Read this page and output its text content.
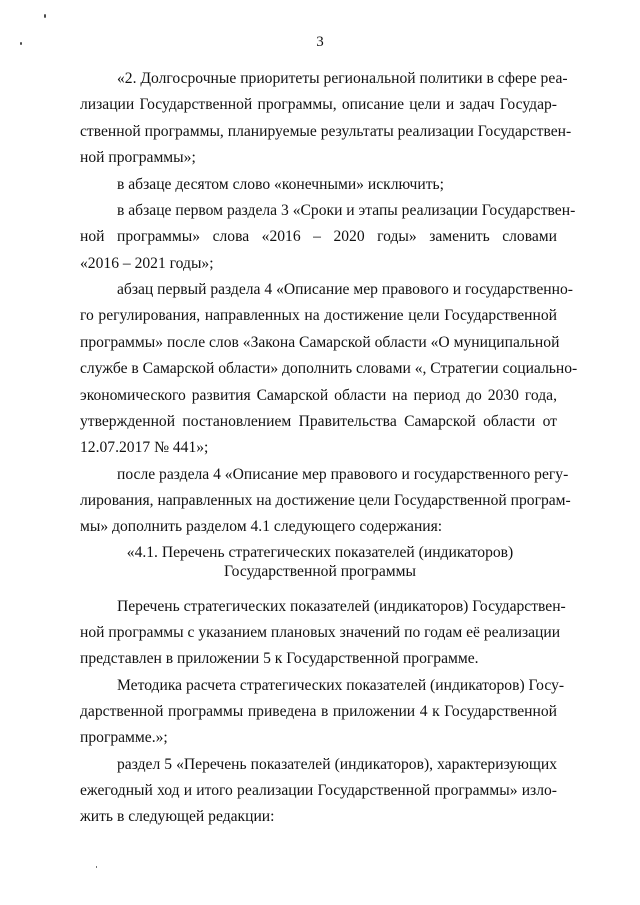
3
«2. Долгосрочные приоритеты региональной политики в сфере реа-
лизации Государственной программы, описание цели и задач Государ-
ственной программы, планируемые результаты реализации Государствен-
ной программы»;
в абзаце десятом слово «конечными» исключить;
в абзаце первом раздела 3 «Сроки и этапы реализации Государствен-
ной программы» слова «2016 – 2020 годы» заменить словами
«2016 – 2021 годы»;
абзац первый раздела 4 «Описание мер правового и государственно-
го регулирования, направленных на достижение цели Государственной
программы» после слов «Закона Самарской области «О муниципальной
службе в Самарской области» дополнить словами «, Стратегии социально-
экономического развития Самарской области на период до 2030 года,
утвержденной постановлением Правительства Самарской области от
12.07.2017 № 441»;
после раздела 4 «Описание мер правового и государственного регу-
лирования, направленных на достижение цели Государственной програм-
мы» дополнить разделом 4.1 следующего содержания:
«4.1. Перечень стратегических показателей (индикаторов)
Государственной программы
Перечень стратегических показателей (индикаторов) Государствен-
ной программы с указанием плановых значений по годам её реализации
представлен в приложении 5 к Государственной программе.
Методика расчета стратегических показателей (индикаторов) Госу-
дарственной программы приведена в приложении 4 к Государственной
программе.»;
раздел 5 «Перечень показателей (индикаторов), характеризующих
ежегодный ход и итого реализации Государственной программы» изло-
жить в следующей редакции:
